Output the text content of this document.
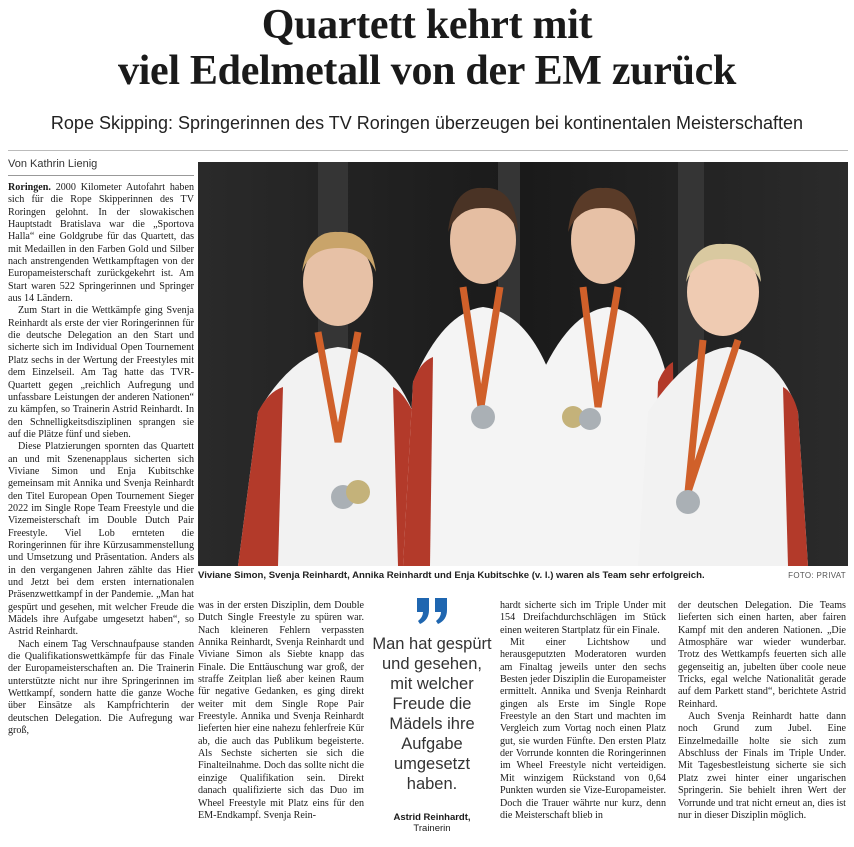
Quartett kehrt mit
viel Edelmetall von der EM zurück
Rope Skipping: Springerinnen des TV Roringen überzeugen bei kontinentalen Meisterschaften
Von Kathrin Lienig

Roringen. 2000 Kilometer Autofahrt haben sich für die Rope Skipperinnen des TV Roringen gelohnt. In der slowakischen Hauptstadt Bratislava war die „Sportova Halla“ eine Goldgrube für das Quartett, das mit Medaillen in den Farben Gold und Silber nach anstrengenden Wettkampftagen von der Europameisterschaft zurückgekehrt ist. Am Start waren 522 Springerinnen und Springer aus 14 Ländern.

Zum Start in die Wettkämpfe ging Svenja Reinhardt als erste der vier Roringerinnen für die deutsche Delegation an den Start und sicherte sich im Individual Open Tournement Platz sechs in der Wertung der Freestyles mit dem Einzelseil. Am Tag hatte das TVR-Quartett gegen „reichlich Aufregung und unfassbare Leistungen der anderen Nationen“ zu kämpfen, so Trainerin Astrid Reinhardt. In den Schnelligkeitsdisziplinen sprangen sie auf die Plätze fünf und sieben.

Diese Platzierungen spornten das Quartett an und mit Szenenapplaus sicherten sich Viviane Simon und Enja Kubitschke gemeinsam mit Annika und Svenja Reinhardt den Titel European Open Tournement Sieger 2022 im Single Rope Team Freestyle und die Vizemeisterschaft im Double Dutch Pair Freestyle. Viel Lob ernteten die Roringerinnen für ihre Kürzusammenstellung und Umsetzung und Präsentation. Anders als in den vergangenen Jahren zählte das Hier und Jetzt bei dem ersten internationalen Präsenzwettkampf in der Pandemie. „Man hat gespürt und gesehen, mit welcher Freude die Mädels ihre Aufgabe umgesetzt haben“, so Astrid Reinhardt.

Nach einem Tag Verschnaufpause standen die Qualifikationswettkämpfe für das Finale der Europameisterschaften an. Die Trainerin unterstützte nicht nur ihre Springerinnen im Wettkampf, sondern hatte die ganze Woche über Einsätze als Kampfrichterin der deutschen Delegation. Die Aufregung war groß,

Viviane Simon, Svenja Reinhardt, Annika Reinhardt und Enja Kubitschke (v. l.) waren als Team sehr erfolgreich.	FOTO: PRIVAT

was in der ersten Disziplin, dem Double Dutch Single Freestyle zu spüren war. Nach kleineren Fehlern verpassten Annika Reinhardt, Svenja Reinhardt und Viviane Simon als Siebte knapp das Finale. Die Enttäuschung war groß, der straffe Zeitplan ließ aber keinen Raum für negative Gedanken, es ging direkt weiter mit dem Single Rope Pair Freestyle. Annika und Svenja Reinhardt lieferten hier eine nahezu fehlerfreie Kür ab, die auch das Publikum begeisterte. Als Sechste sicherten sie sich die Finalteilnahme. Doch das sollte nicht die einzige Qualifikation sein. Direkt danach qualifizierte sich das Duo im Wheel Freestyle mit Platz eins für den EM-Endkampf. Svenja Rein-

Man hat gespürt und gesehen, mit welcher Freude die Mädels ihre Aufgabe umgesetzt haben.
Astrid Reinhardt,
Trainerin

hardt sicherte sich im Triple Under mit 154 Dreifachdurchschlägen im Stück einen weiteren Startplatz für ein Finale.

Mit einer Lichtshow und herausgeputzten Moderatoren wurden am Finaltag jeweils unter den sechs Besten jeder Disziplin die Europameister ermittelt. Annika und Svenja Reinhardt gingen als Erste im Single Rope Freestyle an den Start und machten im Vergleich zum Vortag noch einen Platz gut, sie wurden Fünfte. Den ersten Platz der Vorrunde konnten die Roringerinnen im Wheel Freestyle nicht verteidigen. Mit winzigem Rückstand von 0,64 Punkten wurden sie Vize-Europameister. Doch die Trauer währte nur kurz, denn die Meisterschaft blieb in

der deutschen Delegation. Die Teams lieferten sich einen harten, aber fairen Kampf mit den anderen Nationen. „Die Atmosphäre war wieder wunderbar. Trotz des Wettkampfs feuerten sich alle gegenseitig an, jubelten über coole neue Tricks, egal welche Nationalität gerade auf dem Parkett stand“, berichtete Astrid Reinhard.

Auch Svenja Reinhardt hatte dann noch Grund zum Jubel. Eine Einzelmedaille holte sie sich zum Abschluss der Finals im Triple Under. Mit Tagesbestleistung sicherte sie sich Platz zwei hinter einer ungarischen Springerin. Sie behielt ihren Wert der Vorrunde und trat nicht erneut an, dies ist nur in dieser Disziplin möglich.
